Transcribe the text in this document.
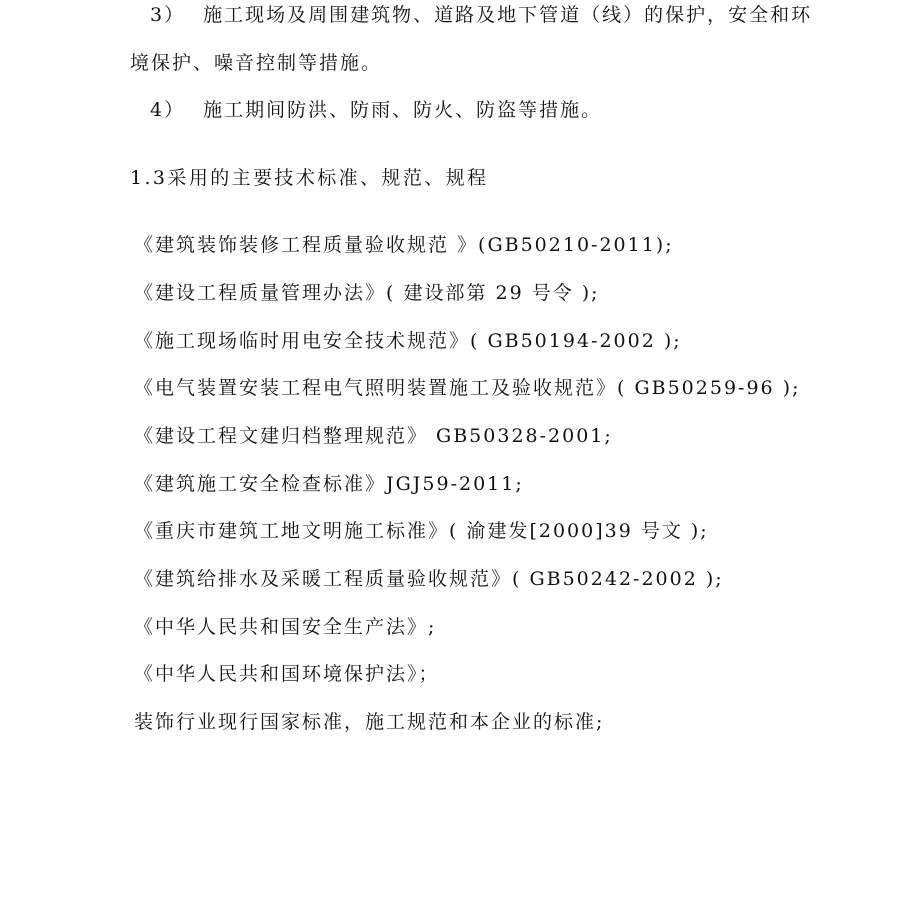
3） 施工现场及周围建筑物、道路及地下管道（线）的保护，安全和环
境保护、噪音控制等措施。
4） 施工期间防洪、防雨、防火、防盗等措施。
1.3采用的主要技术标准、规范、规程
《建筑装饰装修工程质量验收规范 》(GB50210-2011);
《建设工程质量管理办法》( 建设部第 29 号令 );
《施工现场临时用电安全技术规范》( GB50194-2002 );
《电气装置安装工程电气照明装置施工及验收规范》( GB50259-96 );
《建设工程文建归档整理规范》 GB50328-2001;
《建筑施工安全检查标准》JGJ59-2011;
《重庆市建筑工地文明施工标准》( 渝建发[2000]39 号文 );
《建筑给排水及采暖工程质量验收规范》( GB50242-2002 );
《中华人民共和国安全生产法》;
《中华人民共和国环境保护法》；
装饰行业现行国家标准，施工规范和本企业的标准;
